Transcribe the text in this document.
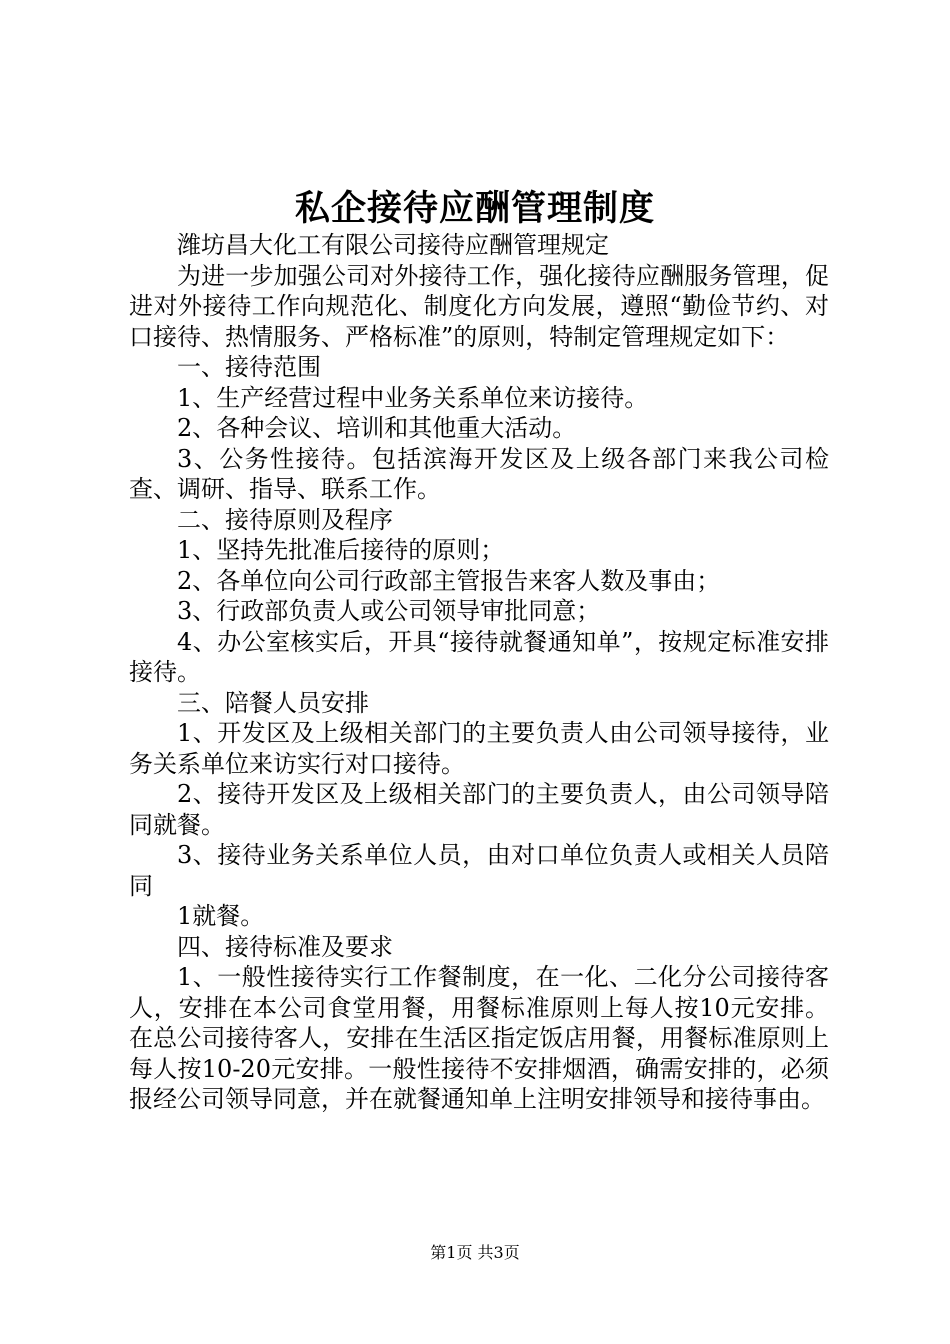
私企接待应酬管理制度

潍坊昌大化工有限公司接待应酬管理规定

为进一步加强公司对外接待工作，强化接待应酬服务管理，促进对外接待工作向规范化、制度化方向发展，遵照“勤俭节约、对口接待、热情服务、严格标准”的原则，特制定管理规定如下：

一、接待范围

1、生产经营过程中业务关系单位来访接待。

2、各种会议、培训和其他重大活动。

3、公务性接待。包括滨海开发区及上级各部门来我公司检查、调研、指导、联系工作。

二、接待原则及程序

1、坚持先批准后接待的原则；

2、各单位向公司行政部主管报告来客人数及事由；

3、行政部负责人或公司领导审批同意；

4、办公室核实后，开具“接待就餐通知单”，按规定标准安排接待。

三、陪餐人员安排

1、开发区及上级相关部门的主要负责人由公司领导接待，业务关系单位来访实行对口接待。

2、接待开发区及上级相关部门的主要负责人，由公司领导陪同就餐。

3、接待业务关系单位人员，由对口单位负责人或相关人员陪同

1就餐。

四、接待标准及要求

1、一般性接待实行工作餐制度，在一化、二化分公司接待客人，安排在本公司食堂用餐，用餐标准原则上每人按10元安排。在总公司接待客人，安排在生活区指定饭店用餐，用餐标准原则上每人按10-20元安排。一般性接待不安排烟酒，确需安排的，必须报经公司领导同意，并在就餐通知单上注明安排领导和接待事由。

第1页 共3页
